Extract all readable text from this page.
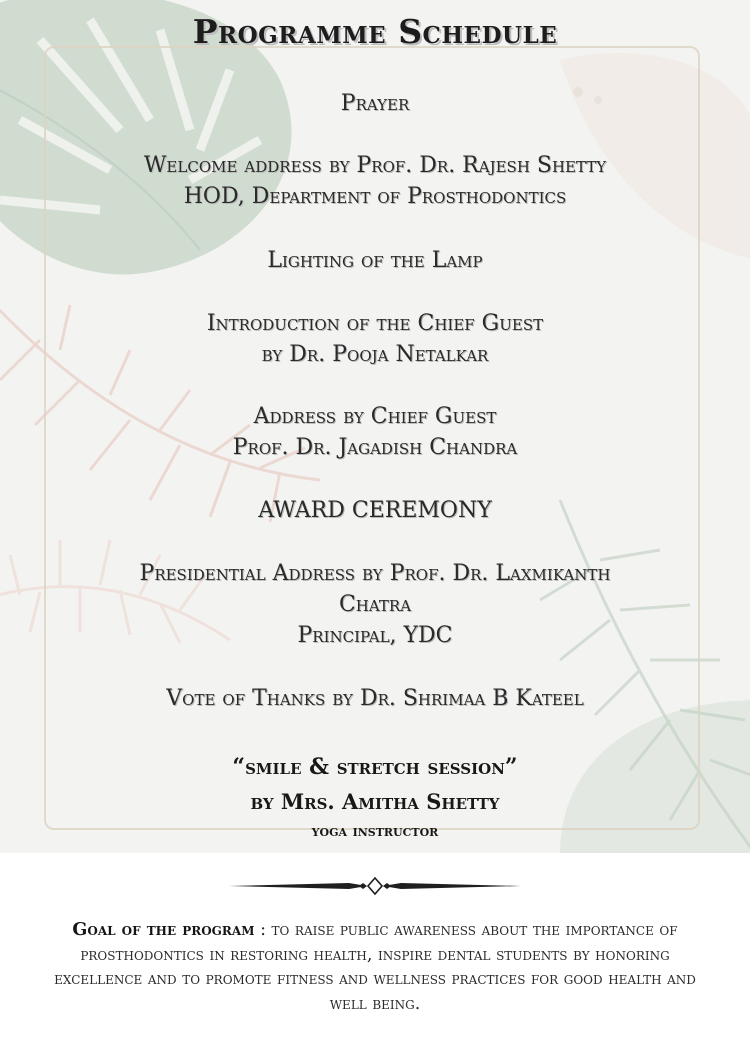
Programme Schedule
Prayer
Welcome address by Prof. Dr. Rajesh Shetty
HOD, Department of Prosthodontics
Lighting of the Lamp
Introduction of the Chief Guest
by Dr. Pooja Netalkar
Address by Chief Guest
Prof. Dr. Jagadish Chandra
AWARD CEREMONY
Presidential Address by Prof. Dr. Laxmikanth
Chatra
Principal, YDC
Vote of Thanks by Dr. Shrimaa B Kateel
“smile & stretch session”
by Mrs. Amitha Shetty
yoga instructor
Goal of the program : to raise public awareness about the importance of prosthodontics in restoring health, inspire dental students by honoring excellence and to promote fitness and wellness practices for good health and well being.
